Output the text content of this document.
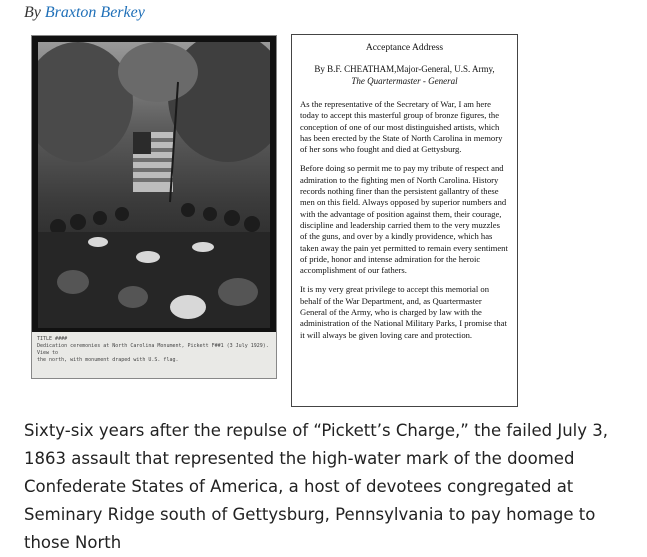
By Braxton Berkey
TITLE ####
Dedication ceremonies at North Carolina Monument, Pickett F##1 (3 July 1929). View to
the north, with monument draped with U.S. flag.
Acceptance Address
By B.F. CHEATHAM,Major-General, U.S. Army,
The Quartermaster - General

As the representative of the Secretary of War, I am here today to accept this masterful group of bronze figures, the conception of one of our most distinguished artists, which has been erected by the State of North Carolina in memory of her sons who fought and died at Gettysburg.

Before doing so permit me to pay my tribute of respect and admiration to the fighting men of North Carolina. History records nothing finer than the persistent gallantry of these men on this field. Always opposed by superior numbers and with the advantage of position against them, their courage, discipline and leadership carried them to the very muzzles of the guns, and over by a kindly providence, which has taken away the pain yet permitted to remain every sentiment of pride, honor and intense admiration for the heroic accomplishment of our fathers.

It is my very great privilege to accept this memorial on behalf of the War Department, and, as Quartermaster General of the Army, who is charged by law with the administration of the National Military Parks, I promise that it will always be given loving care and protection.

Sixty-six years after the repulse of “Pickett’s Charge,” the failed July 3, 1863 assault that represented the high-water mark of the doomed Confederate States of America, a host of devotees congregated at Seminary Ridge south of Gettysburg, Pennsylvania to pay homage to those North
